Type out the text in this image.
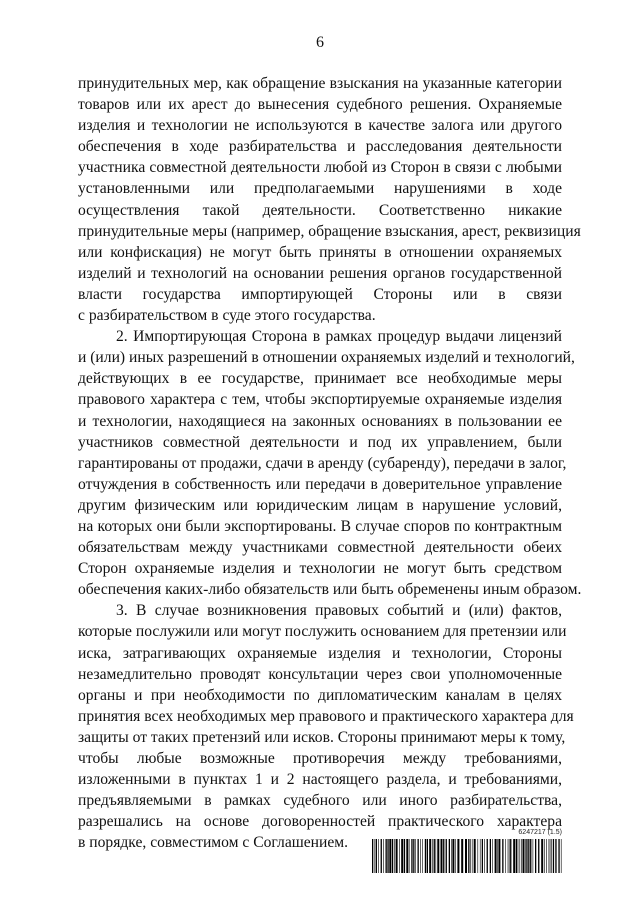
6

принудительных мер, как обращение взыскания на указанные категории
товаров или их арест до вынесения судебного решения. Охраняемые
изделия и технологии не используются в качестве залога или другого
обеспечения в ходе разбирательства и расследования деятельности
участника совместной деятельности любой из Сторон в связи с любыми
установленными или предполагаемыми нарушениями в ходе
осуществления такой деятельности. Соответственно никакие
принудительные меры (например, обращение взыскания, арест, реквизиция
или конфискация) не могут быть приняты в отношении охраняемых
изделий и технологий на основании решения органов государственной
власти государства импортирующей Стороны или в связи
с разбирательством в суде этого государства.

2. Импортирующая Сторона в рамках процедур выдачи лицензий
и (или) иных разрешений в отношении охраняемых изделий и технологий,
действующих в ее государстве, принимает все необходимые меры
правового характера с тем, чтобы экспортируемые охраняемые изделия
и технологии, находящиеся на законных основаниях в пользовании ее
участников совместной деятельности и под их управлением, были
гарантированы от продажи, сдачи в аренду (субаренду), передачи в залог,
отчуждения в собственность или передачи в доверительное управление
другим физическим или юридическим лицам в нарушение условий,
на которых они были экспортированы. В случае споров по контрактным
обязательствам между участниками совместной деятельности обеих
Сторон охраняемые изделия и технологии не могут быть средством
обеспечения каких-либо обязательств или быть обременены иным образом.

3. В случае возникновения правовых событий и (или) фактов,
которые послужили или могут послужить основанием для претензии или
иска, затрагивающих охраняемые изделия и технологии, Стороны
незамедлительно проводят консультации через свои уполномоченные
органы и при необходимости по дипломатическим каналам в целях
принятия всех необходимых мер правового и практического характера для
защиты от таких претензий или исков. Стороны принимают меры к тому,
чтобы любые возможные противоречия между требованиями,
изложенными в пунктах 1 и 2 настоящего раздела, и требованиями,
предъявляемыми в рамках судебного или иного разбирательства,
разрешались на основе договоренностей практического характера
в порядке, совместимом с Соглашением.

6247217 (1.5)
